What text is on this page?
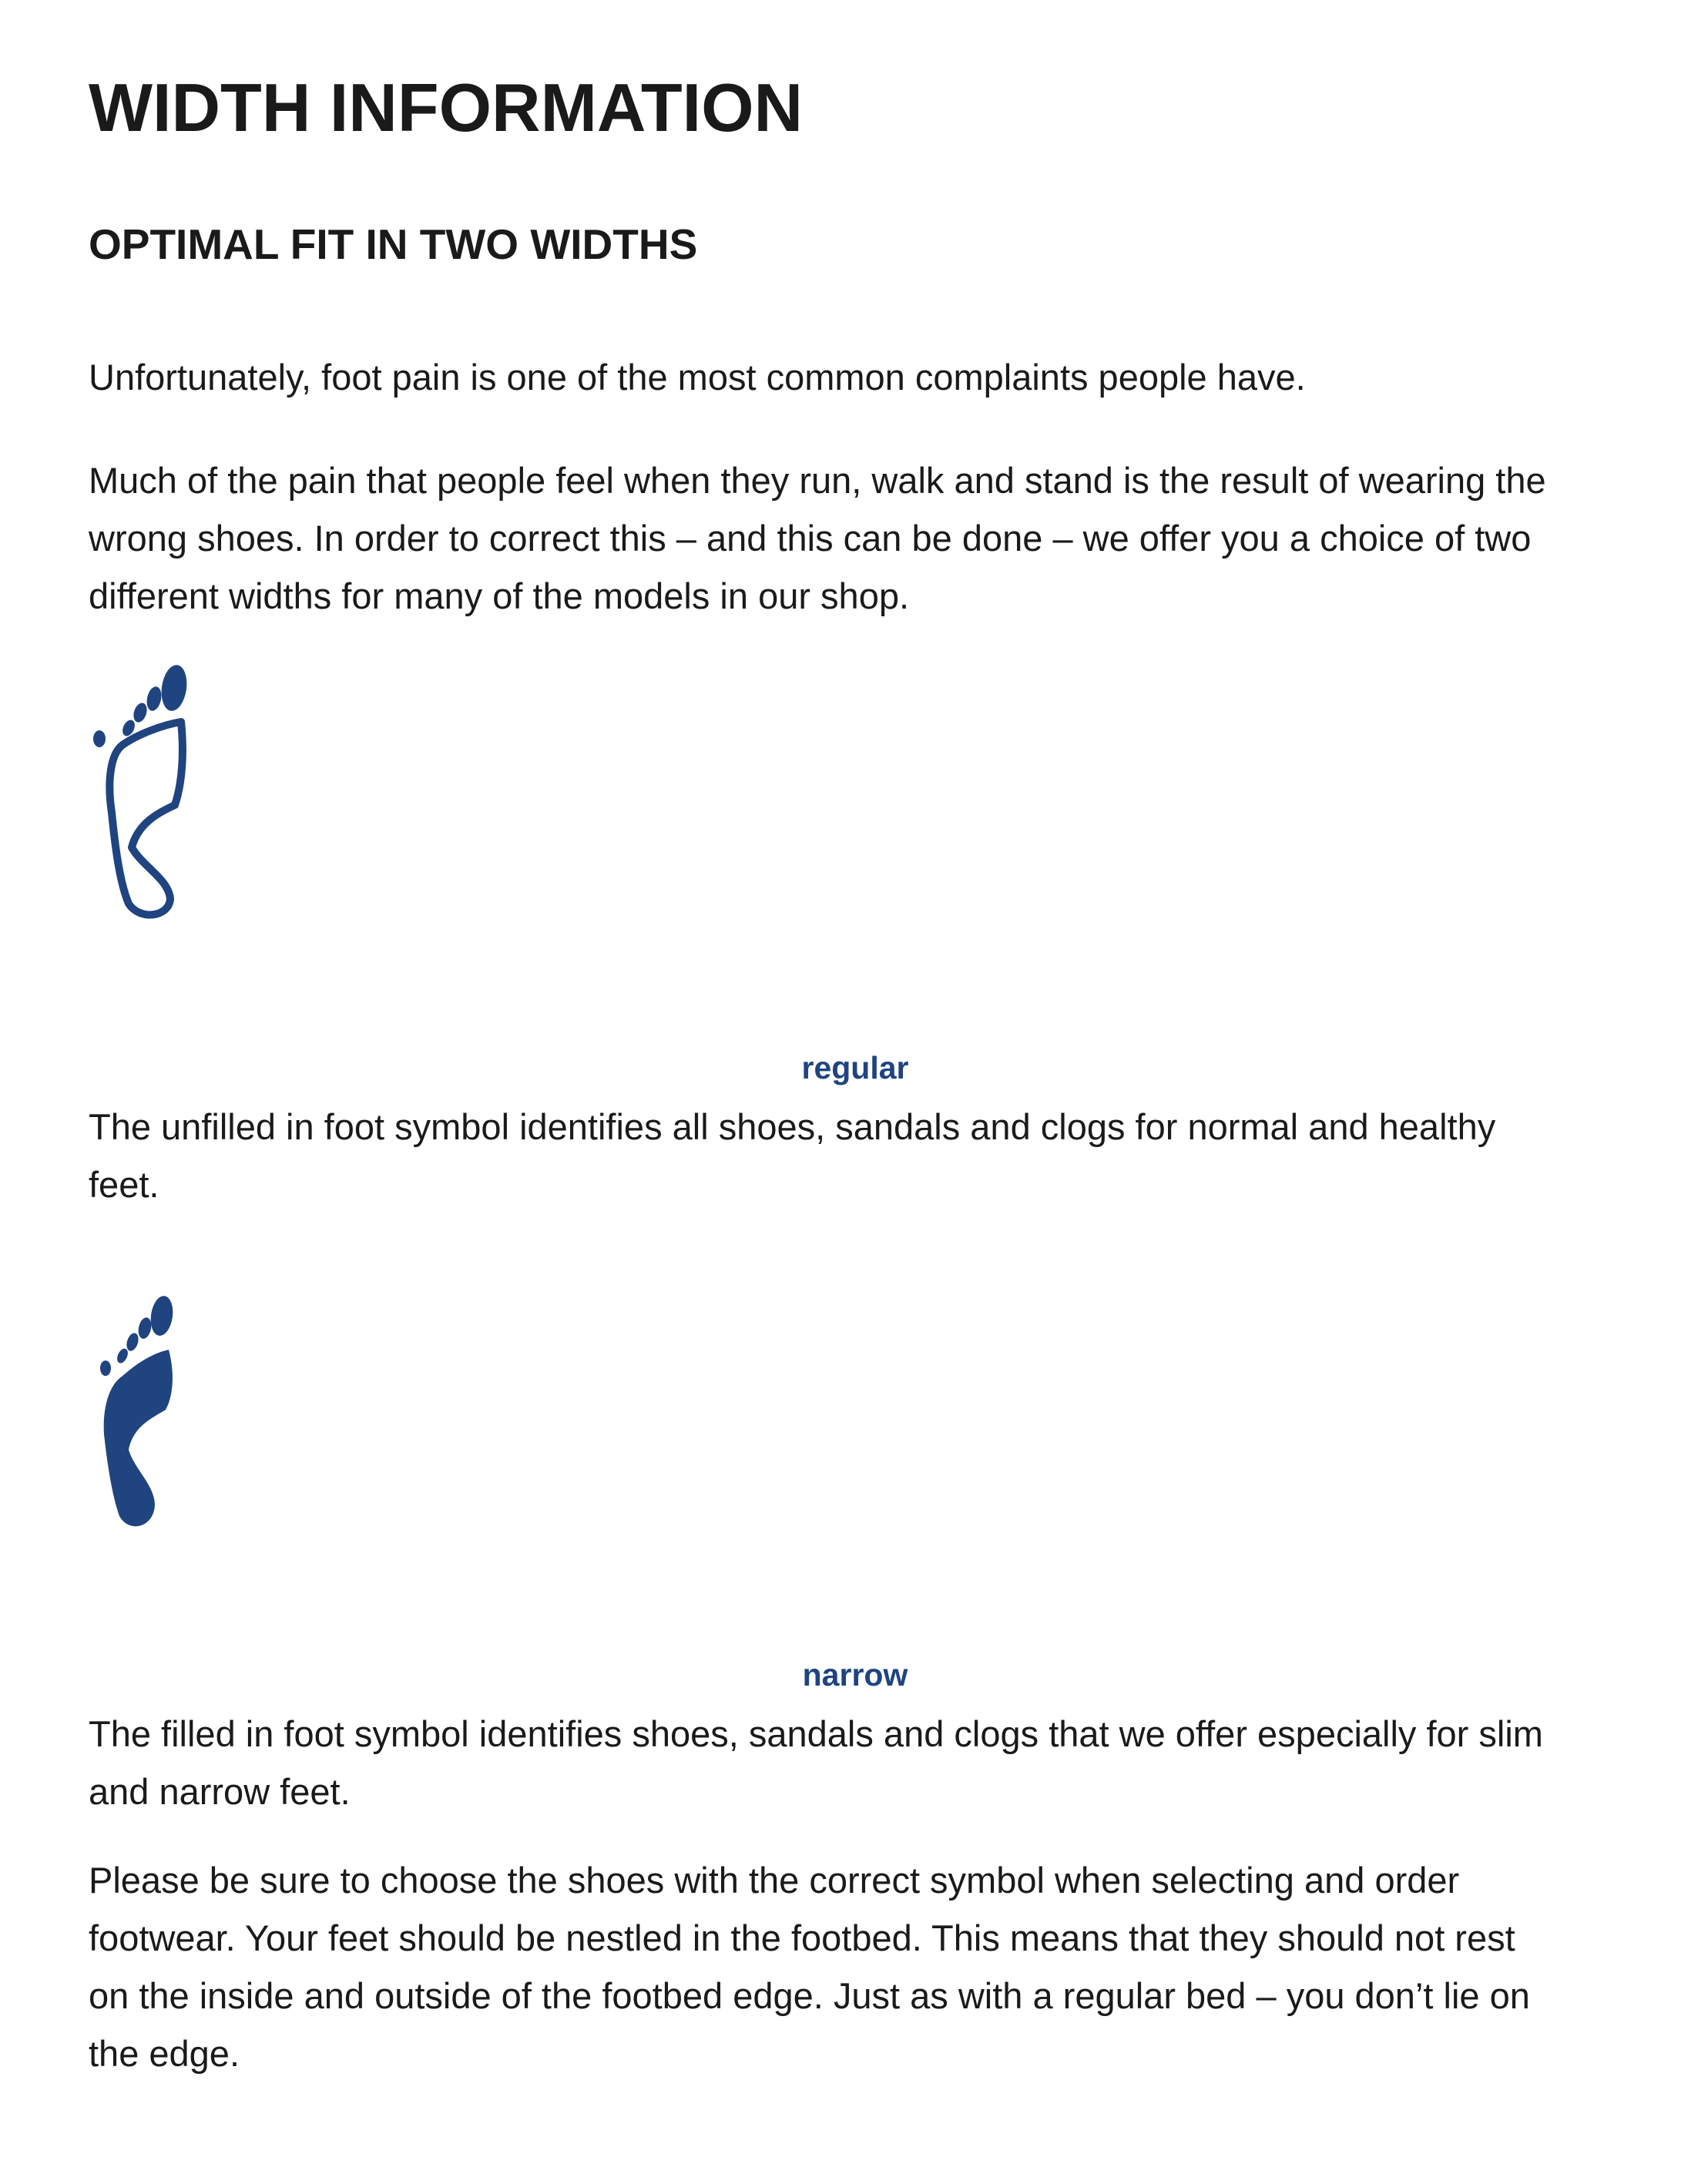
WIDTH INFORMATION
OPTIMAL FIT IN TWO WIDTHS

Unfortunately, foot pain is one of the most common complaints people have.

Much of the pain that people feel when they run, walk and stand is the result of wearing the
wrong shoes. In order to correct this – and this can be done – we offer you a choice of two
different widths for many of the models in our shop.

regular

The unfilled in foot symbol identifies all shoes, sandals and clogs for normal and healthy
feet.

narrow

The filled in foot symbol identifies shoes, sandals and clogs that we offer especially for slim
and narrow feet.

Please be sure to choose the shoes with the correct symbol when selecting and order
footwear. Your feet should be nestled in the footbed. This means that they should not rest
on the inside and outside of the footbed edge. Just as with a regular bed – you don’t lie on
the edge.
